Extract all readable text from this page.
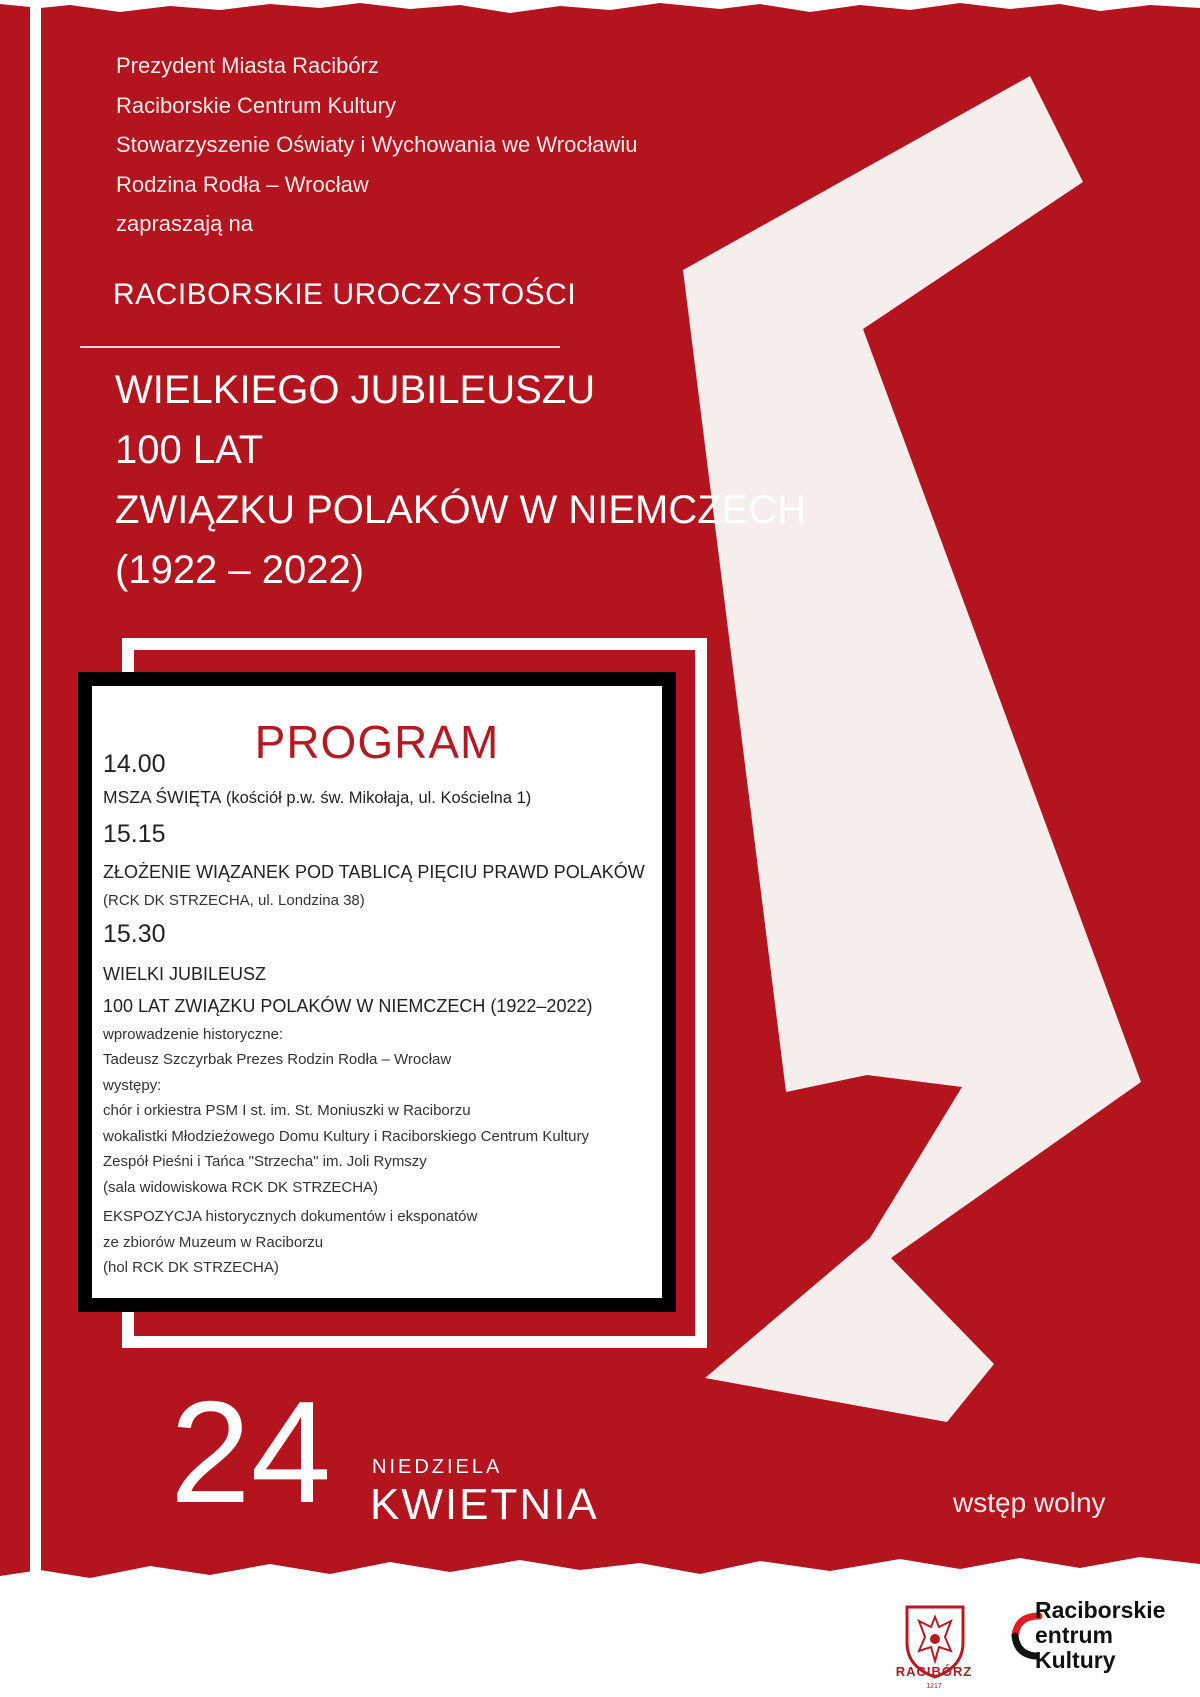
Prezydent Miasta Racibórz
Raciborskie Centrum Kultury
Stowarzyszenie Oświaty i Wychowania we Wrocławiu
Rodzina Rodła – Wrocław
zapraszają na
RACIBORSKIE UROCZYSTOŚCI
WIELKIEGO JUBILEUSZU
100 LAT
ZWIĄZKU POLAKÓW W NIEMCZECH
(1922 – 2022)
PROGRAM
14.00
MSZA ŚWIĘTA (kościół p.w. św. Mikołaja, ul. Kościelna 1)
15.15
ZŁOŻENIE WIĄZANEK POD TABLICĄ PIĘCIU PRAWD POLAKÓW
(RCK DK STRZECHA, ul. Londzina 38)
15.30
WIELKI JUBILEUSZ
100 LAT ZWIĄZKU POLAKÓW W NIEMCZECH (1922–2022)
wprowadzenie historyczne:
Tadeusz Szczyrbak Prezes Rodzin Rodła – Wrocław
występy:
chór i orkiestra PSM I st. im. St. Moniuszki w Raciborzu
wokalistki Młodzieżowego Domu Kultury i Raciborskiego Centrum Kultury
Zespół Pieśni i Tańca "Strzecha" im. Joli Rymszy
(sala widowiskowa RCK DK STRZECHA)
EKSPOZYCJA historycznych dokumentów i eksponatów
ze zbiorów Muzeum w Raciborzu
(hol RCK DK STRZECHA)
24 NIEDZIELA
KWIETNIA	wstęp wolny
RACIBÓRZ
1217
Raciborskie
entrum
Kultury
